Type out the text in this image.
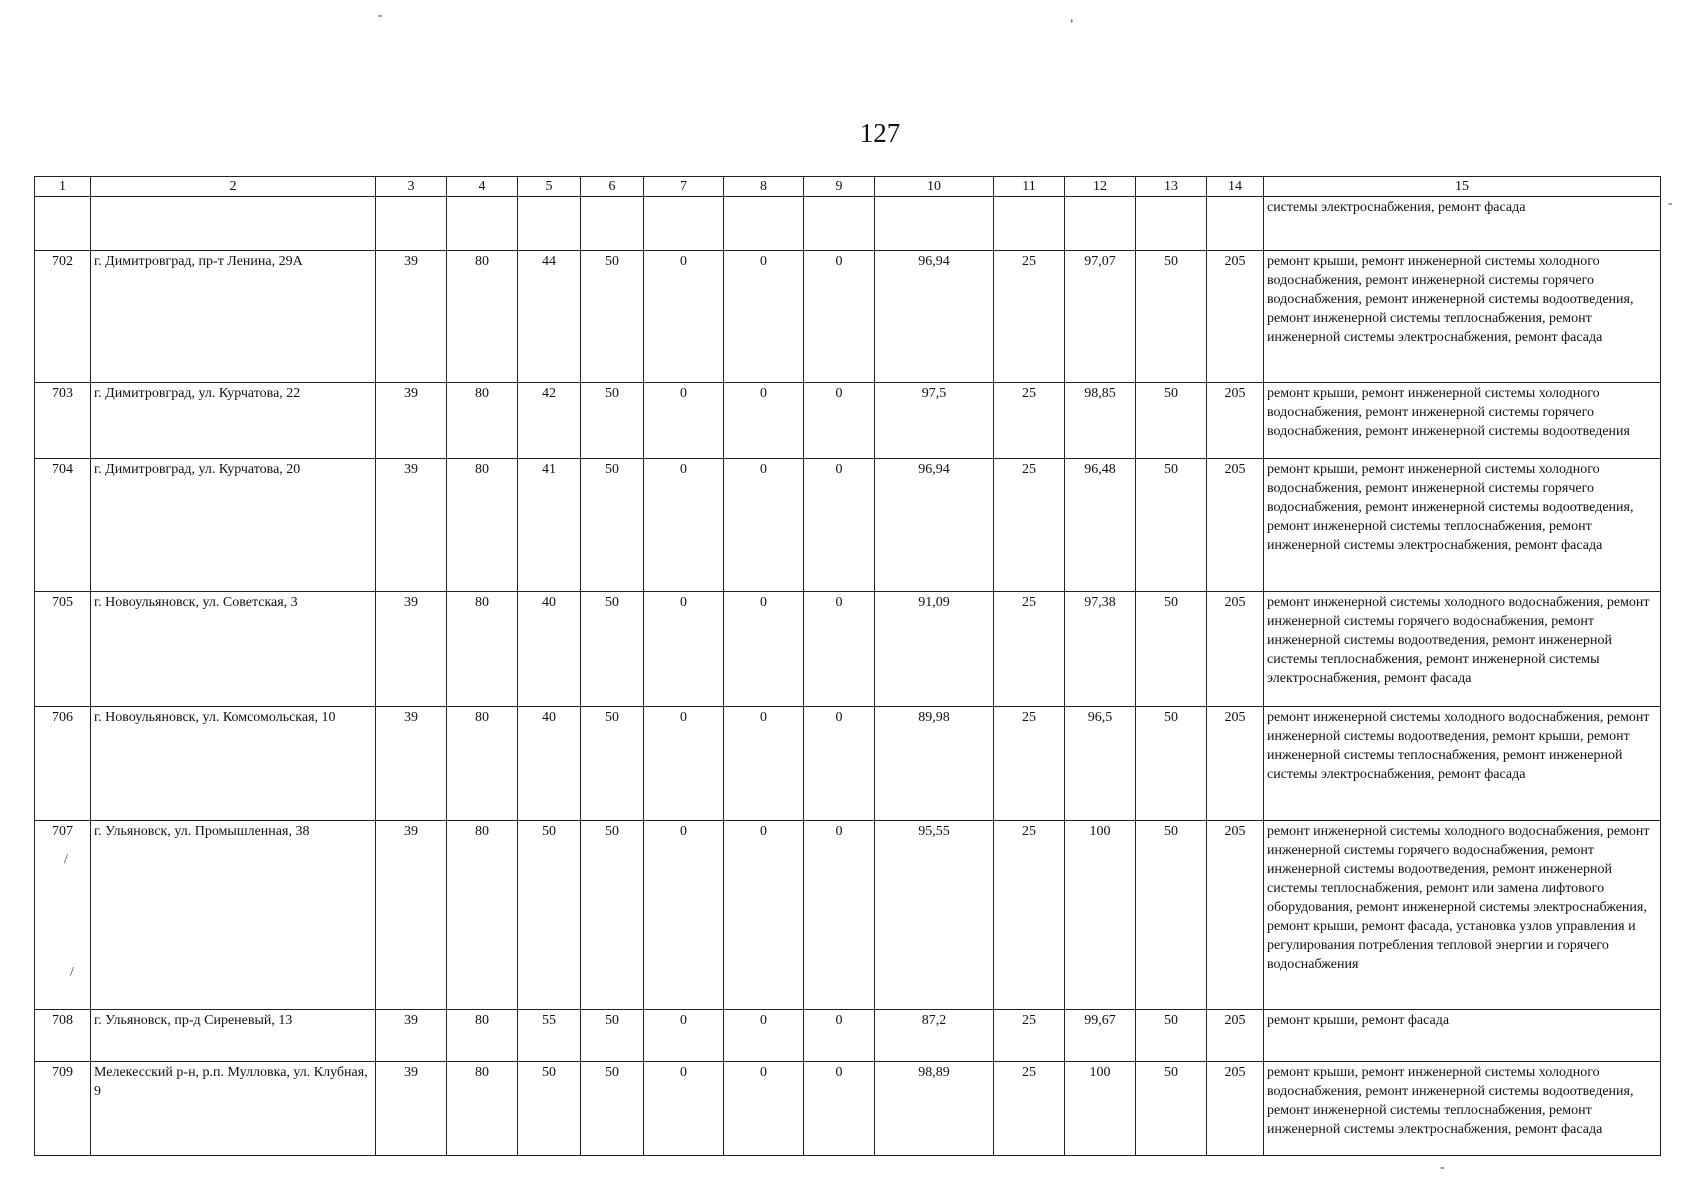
127
1	2	3	4	5	6	7	8	9	10	11	12	13	14	15
														системы электроснабжения, ремонт фасада
702	г. Димитровград, пр-т Ленина, 29А	39	80	44	50	0	0	0	96,94	25	97,07	50	205	ремонт крыши, ремонт инженерной системы холодного водоснабжения, ремонт инженерной системы горячего водоснабжения, ремонт инженерной системы водоотведения, ремонт инженерной системы теплоснабжения, ремонт инженерной системы электроснабжения, ремонт фасада
703	г. Димитровград, ул. Курчатова, 22	39	80	42	50	0	0	0	97,5	25	98,85	50	205	ремонт крыши, ремонт инженерной системы холодного водоснабжения, ремонт инженерной системы горячего водоснабжения, ремонт инженерной системы водоотведения
704	г. Димитровград, ул. Курчатова, 20	39	80	41	50	0	0	0	96,94	25	96,48	50	205	ремонт крыши, ремонт инженерной системы холодного водоснабжения, ремонт инженерной системы горячего водоснабжения, ремонт инженерной системы водоотведения, ремонт инженерной системы теплоснабжения, ремонт инженерной системы электроснабжения, ремонт фасада
705	г. Новоульяновск, ул. Советская, 3	39	80	40	50	0	0	0	91,09	25	97,38	50	205	ремонт инженерной системы холодного водоснабжения, ремонт инженерной системы горячего водоснабжения, ремонт инженерной системы водоотведения, ремонт инженерной системы теплоснабжения, ремонт инженерной системы электроснабжения, ремонт фасада
706	г. Новоульяновск, ул. Комсомольская, 10	39	80	40	50	0	0	0	89,98	25	96,5	50	205	ремонт инженерной системы холодного водоснабжения, ремонт инженерной системы водоотведения, ремонт крыши, ремонт инженерной системы теплоснабжения, ремонт инженерной системы электроснабжения, ремонт фасада
707	г. Ульяновск, ул. Промышленная, 38	39	80	50	50	0	0	0	95,55	25	100	50	205	ремонт инженерной системы холодного водоснабжения, ремонт инженерной системы горячего водоснабжения, ремонт инженерной системы водоотведения, ремонт инженерной системы теплоснабжения, ремонт или замена лифтового оборудования, ремонт инженерной системы электроснабжения, ремонт крыши, ремонт фасада, установка узлов управления и регулирования потребления тепловой энергии и горячего водоснабжения
708	г. Ульяновск, пр-д Сиреневый, 13	39	80	55	50	0	0	0	87,2	25	99,67	50	205	ремонт крыши, ремонт фасада
709	Мелекесский р-н, р.п. Мулловка, ул. Клубная, 9	39	80	50	50	0	0	0	98,89	25	100	50	205	ремонт крыши, ремонт инженерной системы холодного водоснабжения, ремонт инженерной системы водоотведения, ремонт инженерной системы теплоснабжения, ремонт инженерной системы электроснабжения, ремонт фасада
-	,
-
/
/
-
